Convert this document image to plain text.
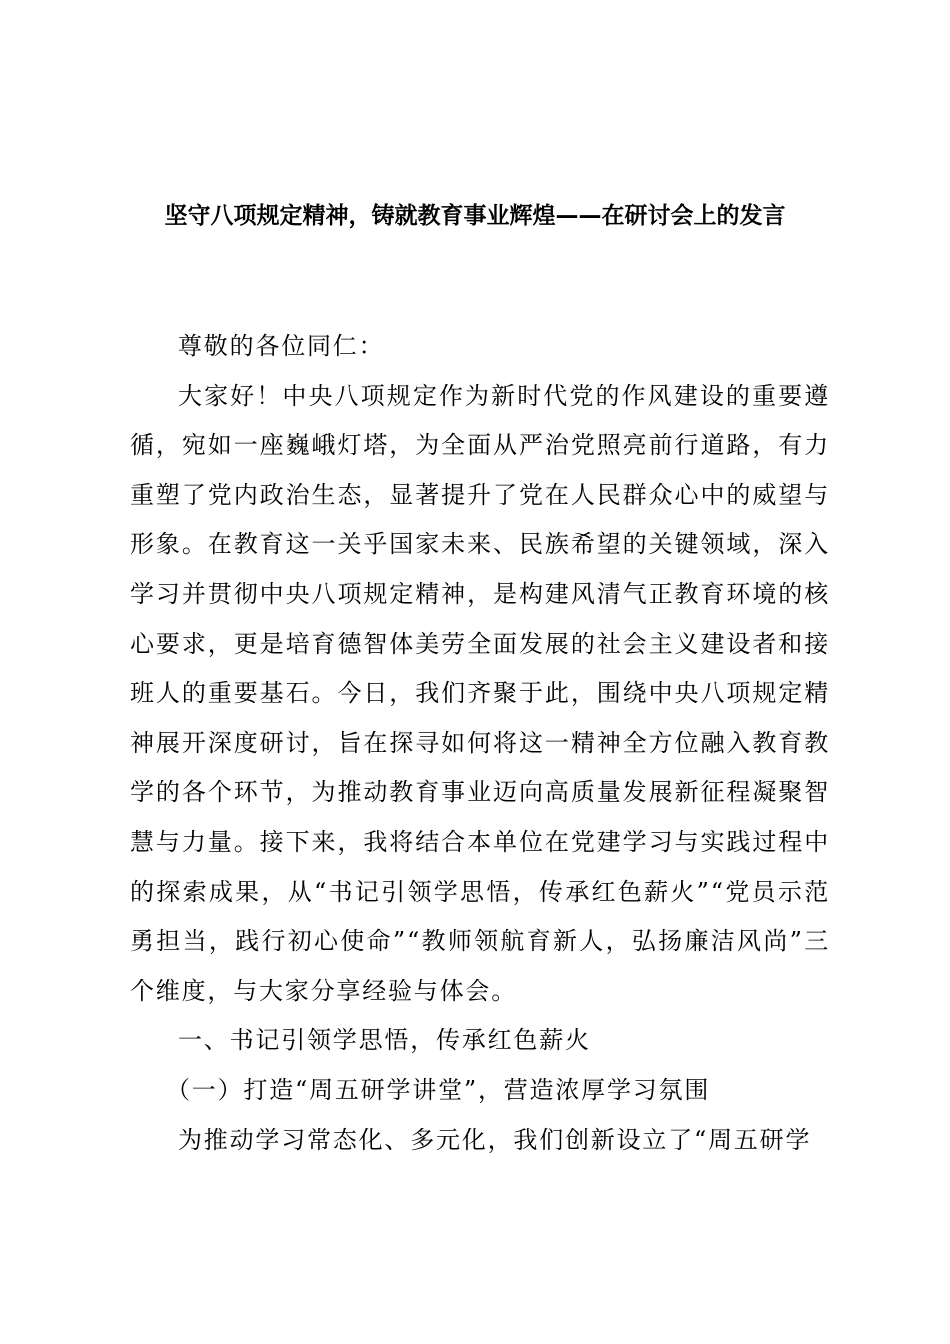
坚守八项规定精神，铸就教育事业辉煌——在研讨会上的发言

尊敬的各位同仁：

大家好！中央八项规定作为新时代党的作风建设的重要遵循，宛如一座巍峨灯塔，为全面从严治党照亮前行道路，有力重塑了党内政治生态，显著提升了党在人民群众心中的威望与形象。在教育这一关乎国家未来、民族希望的关键领域，深入学习并贯彻中央八项规定精神，是构建风清气正教育环境的核心要求，更是培育德智体美劳全面发展的社会主义建设者和接班人的重要基石。今日，我们齐聚于此，围绕中央八项规定精神展开深度研讨，旨在探寻如何将这一精神全方位融入教育教学的各个环节，为推动教育事业迈向高质量发展新征程凝聚智慧与力量。接下来，我将结合本单位在党建学习与实践过程中的探索成果，从“书记引领学思悟，传承红色薪火”“党员示范勇担当，践行初心使命”“教师领航育新人，弘扬廉洁风尚”三个维度，与大家分享经验与体会。

一、书记引领学思悟，传承红色薪火

（一）打造“周五研学讲堂”，营造浓厚学习氛围

为推动学习常态化、多元化，我们创新设立了“周五研学
